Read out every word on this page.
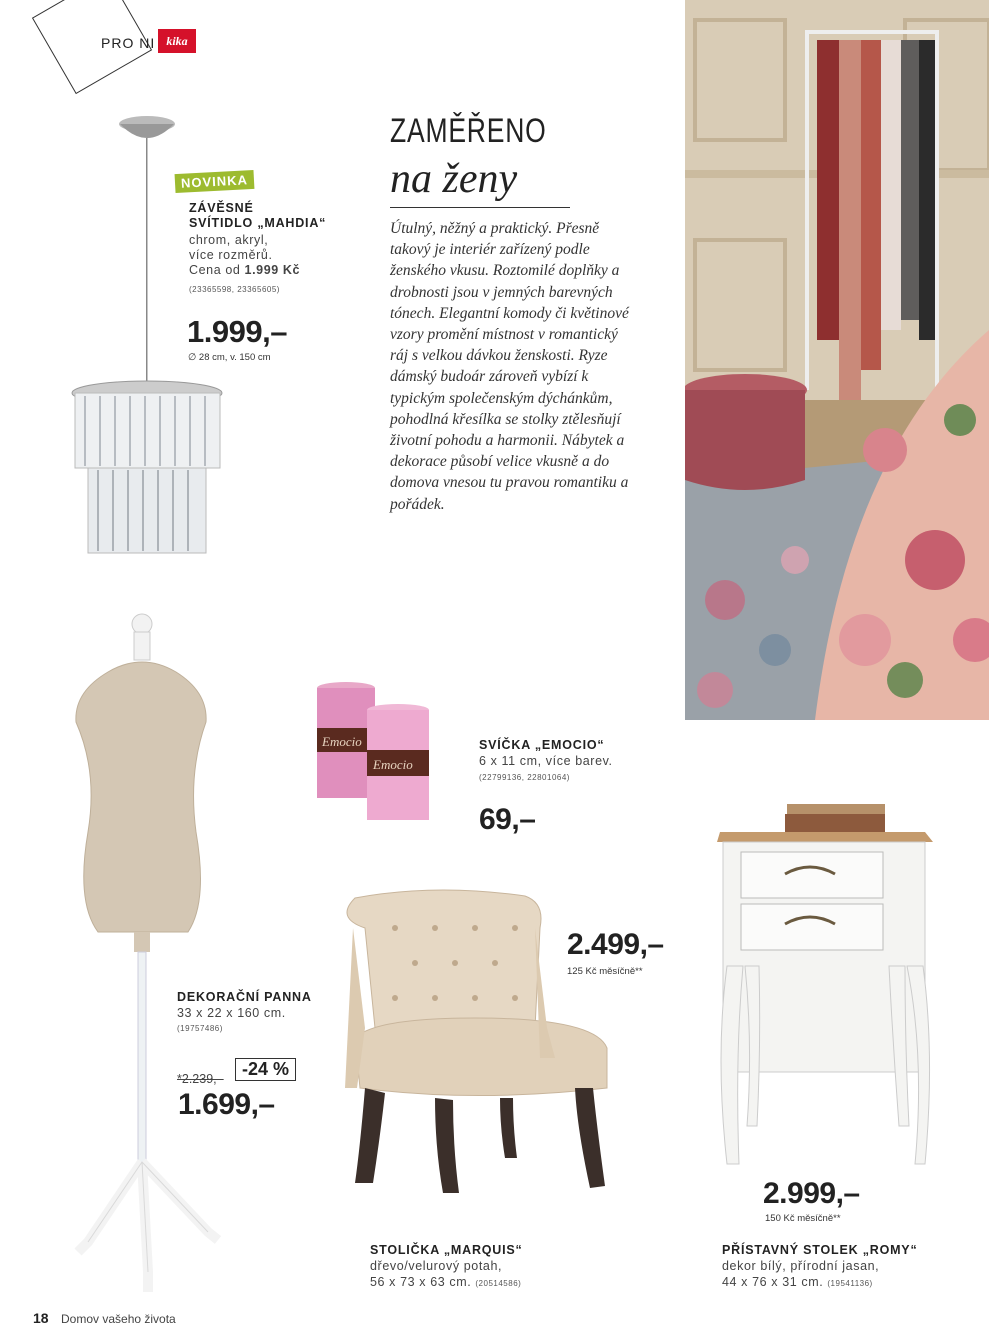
PRO NI kika
ZAMĚŘENO
na ženy
Útulný, něžný a praktický. Přesně takový je interiér zařízený podle ženského vkusu. Roztomilé doplňky a drobnosti jsou v jemných barevných tónech. Elegantní komody či květinové vzory promění místnost v romantický ráj s velkou dávkou ženskosti. Ryze dámský budoár zároveň vybízí k typickým společenským dýchánkům, pohodlná křesílka se stolky ztělesňují životní pohodu a harmonii. Nábytek a dekorace působí velice vkusně a do domova vnesou tu pravou romantiku a pořádek.
NOVINKA
ZÁVĚSNÉ
SVÍTIDLO „MAHDIA“
chrom, akryl,
více rozměrů.
Cena od 1.999 Kč
(23365598, 23365605)
1.999,–
∅ 28 cm, v. 150 cm
DEKORAČNÍ PANNA
33 x 22 x 160 cm.
(19757486)
*2.239,–	-24 %
1.699,–
Emocio
Emocio
SVÍČKA „EMOCIO“
6 x 11 cm, více barev.
(22799136, 22801064)
69,–
2.499,–
125 Kč měsíčně**
STOLIČKA „MARQUIS“
dřevo/velurový potah,
56 x 73 x 63 cm. (20514586)
2.999,–
150 Kč měsíčně**
PŘÍSTAVNÝ STOLEK „ROMY“
dekor bílý, přírodní jasan,
44 x 76 x 31 cm. (19541136)
18 Domov vašeho života
